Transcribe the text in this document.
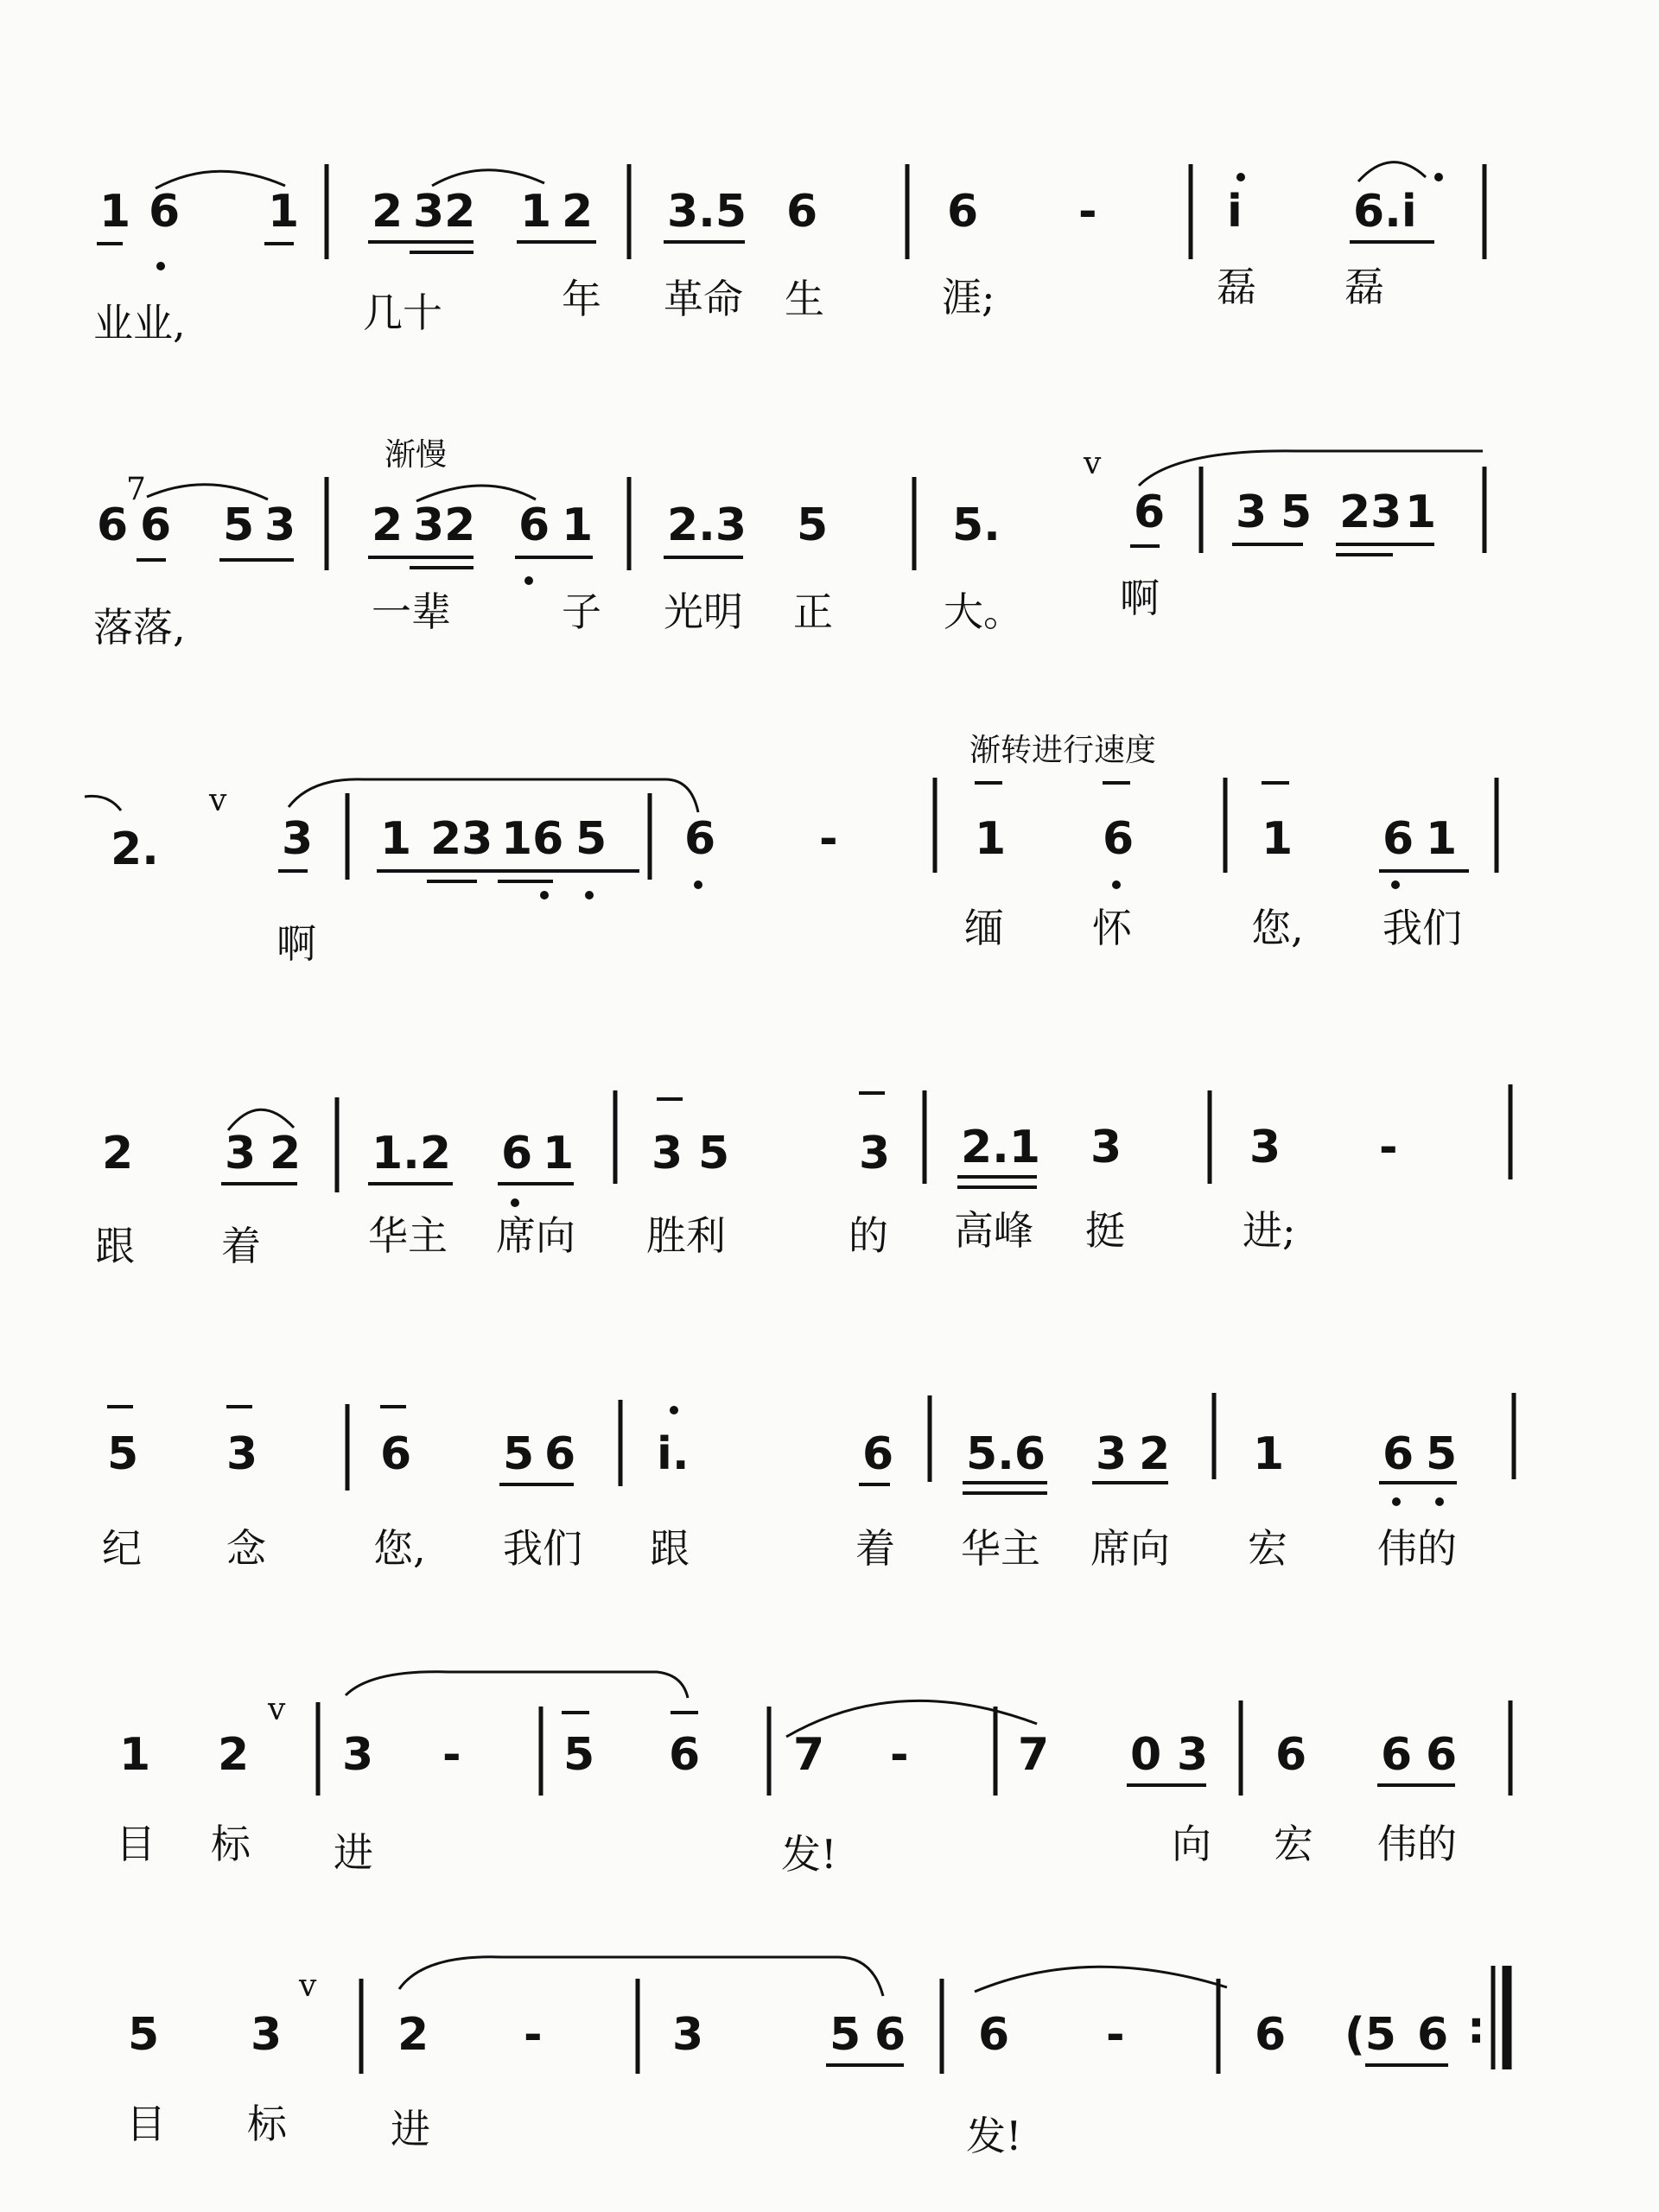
1 6 1 2 32 1 2 3.5 6	6 -	i 6.i
业业,	几十	年 革命 生	涯;	磊 磊
渐慢
7
6 6 5 3 2 32 6 1 2.3 5	5.
v
6 3 5 23 1
落落,	一辈	子 光明 正	大。 啊
渐转进行速度
2.
v
3 1 23 16 5 6 -	1 6	1 6 1
啊	缅 怀	您, 我们
2 3 2 1.2 6 1 3 5	3 2.1 3	3 -
跟 着	华主 席向 胜利	的 高峰 挺	进;
5 3	6 5 6 i.	6 5.6 3 2 1 6 5
纪 念	您, 我们 跟	着 华主 席向 宏 伟的
1 2
v
3 - 5 6 7 - 7 0 3 6 6 6
目 标 进	发!	向 宏 伟的
5 3
v
2 -	3	5 6 6 -	6 (5 6 :
目 标	进	发!
